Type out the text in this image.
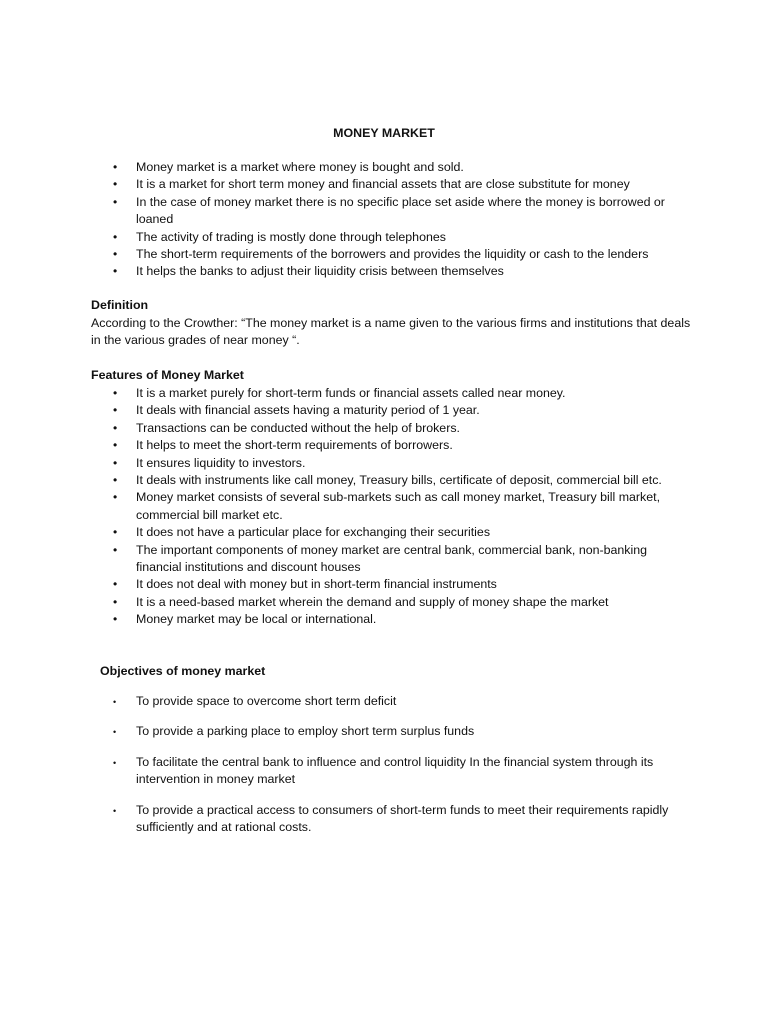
MONEY MARKET
• Money market is a market where money is bought and sold.
• It is a market for short term money and financial assets that are close substitute for money
• In the case of money market there is no specific place set aside where the money is borrowed or loaned
• The activity of trading is mostly done through telephones
• The short-term requirements of the borrowers and provides the liquidity or cash to the lenders
• It helps the banks to adjust their liquidity crisis between themselves
Definition
According to the Crowther: “The money market is a name given to the various firms and institutions that deals in the various grades of near money “.
Features of Money Market
• It is a market purely for short-term funds or financial assets called near money.
• It deals with financial assets having a maturity period of 1 year.
• Transactions can be conducted without the help of brokers.
• It helps to meet the short-term requirements of borrowers.
• It ensures liquidity to investors.
• It deals with instruments like call money, Treasury bills, certificate of deposit, commercial bill etc.
• Money market consists of several sub-markets such as call money market, Treasury bill market, commercial bill market etc.
• It does not have a particular place for exchanging their securities
• The important components of money market are central bank, commercial bank, non-banking financial institutions and discount houses
• It does not deal with money but in short-term financial instruments
• It is a need-based market wherein the demand and supply of money shape the market
• Money market may be local or international.
Objectives of money market
• To provide space to overcome short term deficit
• To provide a parking place to employ short term surplus funds
• To facilitate the central bank to influence and control liquidity In the financial system through its intervention in money market
• To provide a practical access to consumers of short-term funds to meet their requirements rapidly sufficiently and at rational costs.
